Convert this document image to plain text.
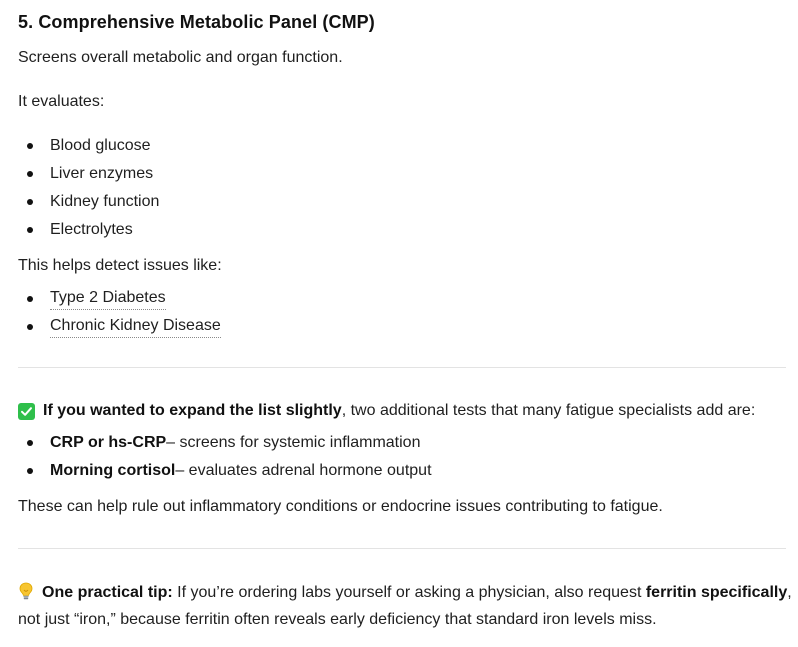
5. Comprehensive Metabolic Panel (CMP)

Screens overall metabolic and organ function.

It evaluates:

Blood glucose
Liver enzymes
Kidney function
Electrolytes

This helps detect issues like:

Type 2 Diabetes
Chronic Kidney Disease

If you wanted to expand the list slightly, two additional tests that many fatigue specialists add are:

CRP or hs-CRP – screens for systemic inflammation
Morning cortisol – evaluates adrenal hormone output

These can help rule out inflammatory conditions or endocrine issues contributing to fatigue.

One practical tip: If you’re ordering labs yourself or asking a physician, also request ferritin specifically,

not just “iron,” because ferritin often reveals early deficiency that standard iron levels miss.
